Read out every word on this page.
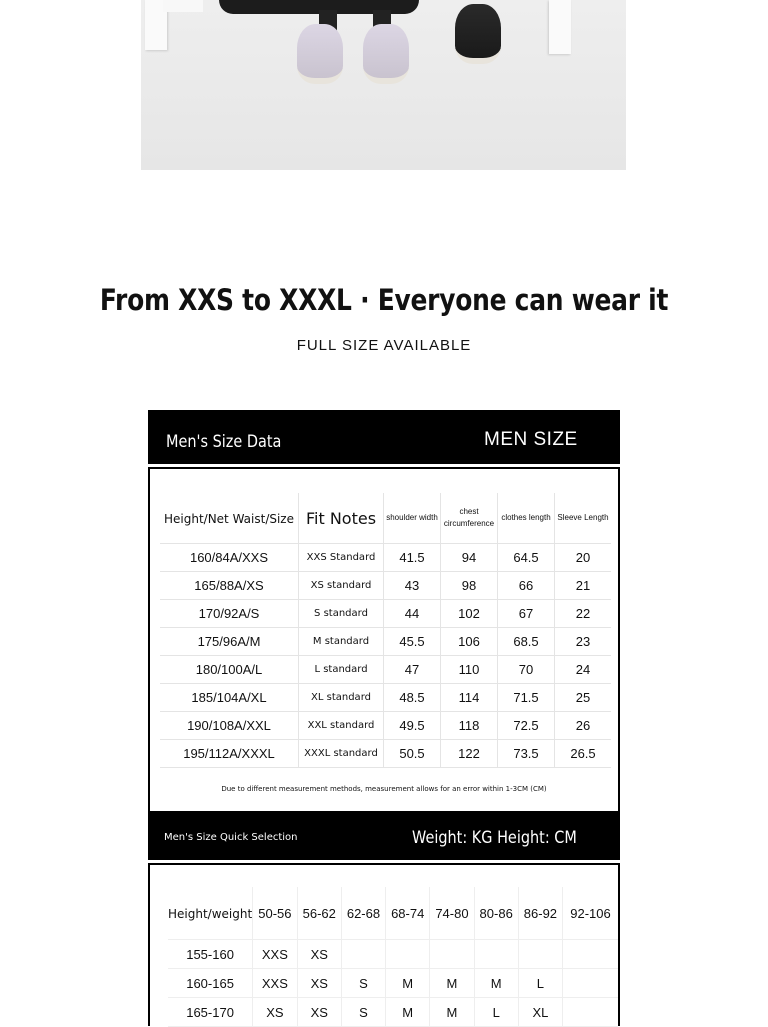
From XXS to XXXL · Everyone can wear it
FULL SIZE AVAILABLE
Men's Size Data	MEN SIZE
Height/Net Waist/Size	Fit Notes	shoulder width	chest circumference	clothes length	Sleeve Length

160/84A/XXS	XXS Standard	41.5	94	64.5	20
165/88A/XS	XS standard	43	98	66	21
170/92A/S	S standard	44	102	67	22
175/96A/M	M standard	45.5	106	68.5	23
180/100A/L	L standard	47	110	70	24
185/104A/XL	XL standard	48.5	114	71.5	25
190/108A/XXL	XXL standard	49.5	118	72.5	26
195/112A/XXXL	XXXL standard	50.5	122	73.5	26.5
Due to different measurement methods, measurement allows for an error within 1-3CM (CM)
Men's Size Quick Selection	Weight: KG Height: CM
Height/weight	50-56	56-62	62-68	68-74	74-80	80-86	86-92	92-106
155-160	XXS	XS						
160-165	XXS	XS	S	M	M	M	L	
165-170	XS	XS	S	M	M	L	XL	
